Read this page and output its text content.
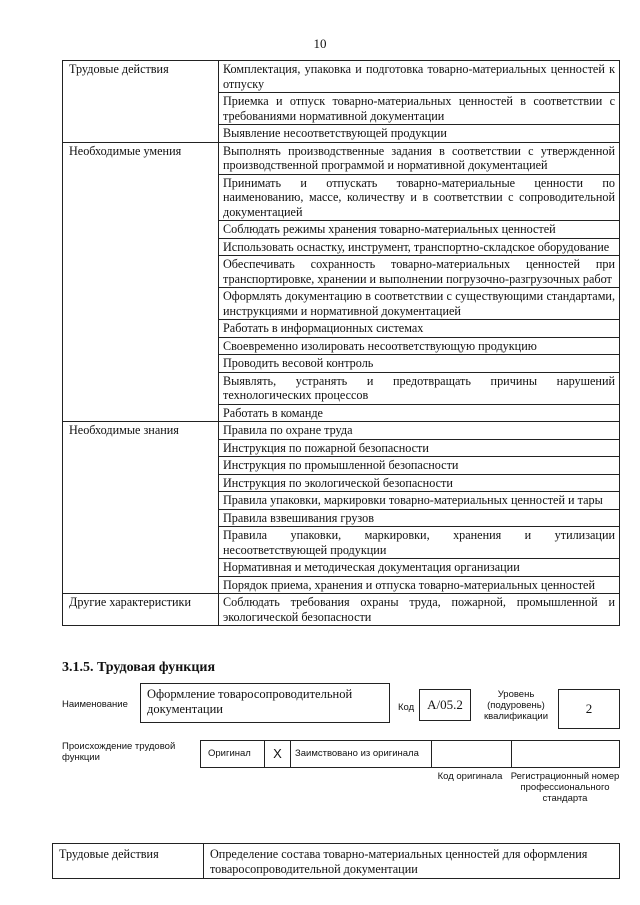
10
Трудовые действия	Комплектация, упаковка и подготовка товарно-материальных ценностей к отпуску
	Приемка и отпуск товарно-материальных ценностей в соответствии с требованиями нормативной документации
	Выявление несоответствующей продукции
Необходимые умения	Выполнять производственные задания в соответствии с утвержденной производственной программой и нормативной документацией
	Принимать и отпускать товарно-материальные ценности по наименованию, массе, количеству и в соответствии с сопроводительной документацией
	Соблюдать режимы хранения товарно-материальных ценностей
	Использовать оснастку, инструмент, транспортно-складское оборудование
	Обеспечивать сохранность товарно-материальных ценностей при транспортировке, хранении и выполнении погрузочно-разгрузочных работ
	Оформлять документацию в соответствии с существующими стандартами, инструкциями и нормативной документацией
	Работать в информационных системах
	Своевременно изолировать несоответствующую продукцию
	Проводить весовой контроль
	Выявлять, устранять и предотвращать причины нарушений технологических процессов
	Работать в команде
Необходимые знания	Правила по охране труда
	Инструкция по пожарной безопасности
	Инструкция по промышленной безопасности
	Инструкция по экологической безопасности
	Правила упаковки, маркировки товарно-материальных ценностей и тары
	Правила взвешивания грузов
	Правила упаковки, маркировки, хранения и утилизации несоответствующей продукции
	Нормативная и методическая документация организации
	Порядок приема, хранения и отпуска товарно-материальных ценностей
Другие характеристики	Соблюдать требования охраны труда, пожарной, промышленной и экологической безопасности
3.1.5. Трудовая функция
Наименование
Оформление товаросопроводительной документации	Код A/05.2
Уровень (подуровень) квалификации
2
Происхождение трудовой функции	Оригинал	X	Заимствовано из оригинала
Код оригинала Регистрационный номер профессионального стандарта
Трудовые действия	Определение состава товарно-материальных ценностей для оформления товаросопроводительной документации
